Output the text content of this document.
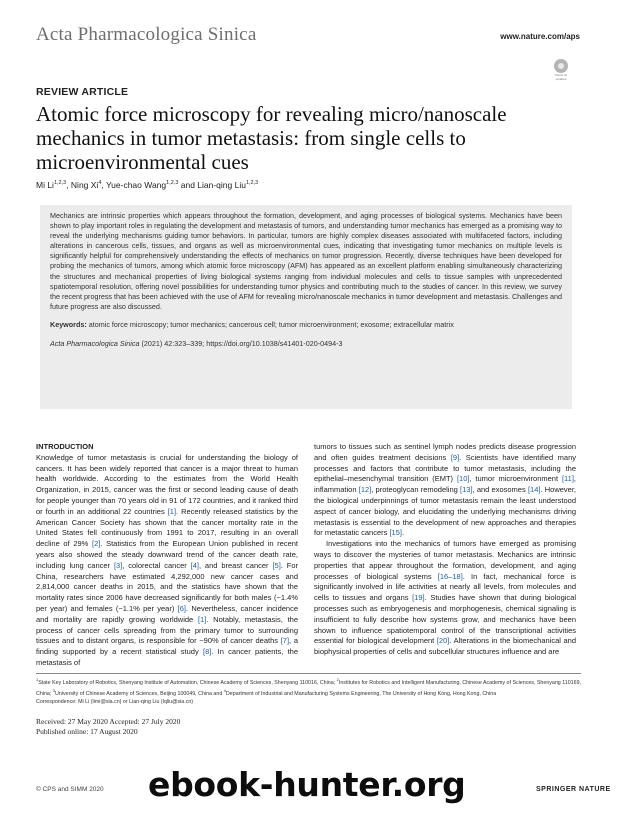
Acta Pharmacologica Sinica	www.nature.com/aps
Check for updates
REVIEW ARTICLE
Atomic force microscopy for revealing micro/nanoscale mechanics in tumor metastasis: from single cells to microenvironmental cues
Mi Li$^{1,2,3}$, Ning Xi$^4$, Yue-chao Wang$^{1,2,3}$ and Lian-qing Liu$^{1,2,3}$

Mechanics are intrinsic properties which appears throughout the formation, development, and aging processes of biological systems. Mechanics have been shown to play important roles in regulating the development and metastasis of tumors, and understanding tumor mechanics has emerged as a promising way to reveal the underlying mechanisms guiding tumor behaviors. In particular, tumors are highly complex diseases associated with multifaceted factors, including alterations in cancerous cells, tissues, and organs as well as microenvironmental cues, indicating that investigating tumor mechanics on multiple levels is significantly helpful for comprehensively understanding the effects of mechanics on tumor progression. Recently, diverse techniques have been developed for probing the mechanics of tumors, among which atomic force microscopy (AFM) has appeared as an excellent platform enabling simultaneously characterizing the structures and mechanical properties of living biological systems ranging from individual molecules and cells to tissue samples with unprecedented spatiotemporal resolution, offering novel possibilities for understanding tumor physics and contributing much to the studies of cancer. In this review, we survey the recent progress that has been achieved with the use of AFM for revealing micro/nanoscale mechanics in tumor development and metastasis. Challenges and future progress are also discussed.

Keywords: atomic force microscopy; tumor mechanics; cancerous cell; tumor microenvironment; exosome; extracellular matrix

Acta Pharmacologica Sinica (2021) 42:323–339; https://doi.org/10.1038/s41401-020-0494-3

INTRODUCTION

Knowledge of tumor metastasis is crucial for understanding the biology of cancers. It has been widely reported that cancer is a major threat to human health worldwide. According to the estimates from the World Health Organization, in 2015, cancer was the first or second leading cause of death for people younger than 70 years old in 91 of 172 countries, and it ranked third or fourth in an additional 22 countries [1]. Recently released statistics by the American Cancer Society has shown that the cancer mortality rate in the United States fell continuously from 1991 to 2017, resulting in an overall decline of 29% [2]. Statistics from the European Union published in recent years also showed the steady downward trend of the cancer death rate, including lung cancer [3], colorectal cancer [4], and breast cancer [5]. For China, researchers have estimated 4,292,000 new cancer cases and 2,814,000 cancer deaths in 2015, and the statistics have shown that the mortality rates since 2006 have decreased significantly for both males (−1.4% per year) and females (−1.1% per year) [6]. Nevertheless, cancer incidence and mortality are rapidly growing worldwide [1]. Notably, metastasis, the process of cancer cells spreading from the primary tumor to surrounding tissues and to distant organs, is responsible for ~90% of cancer deaths [7], a finding supported by a recent statistical study [8]. In cancer patients, the metastasis of

tumors to tissues such as sentinel lymph nodes predicts disease progression and often guides treatment decisions [9]. Scientists have identified many processes and factors that contribute to tumor metastasis, including the epithelial–mesenchymal transition (EMT) [10], tumor microenvironment [11], inflammation [12], proteoglycan remodeling [13], and exosomes [14]. However, the biological underpinnings of tumor metastasis remain the least understood aspect of cancer biology, and elucidating the underlying mechanisms driving metastasis is essential to the development of new approaches and therapies for metastatic cancers [15].

Investigations into the mechanics of tumors have emerged as promising ways to discover the mysteries of tumor metastasis. Mechanics are intrinsic properties that appear throughout the formation, development, and aging processes of biological systems [16–18]. In fact, mechanical force is significantly involved in life activities at nearly all levels, from molecules and cells to tissues and organs [19]. Studies have shown that during biological processes such as embryogenesis and morphogenesis, chemical signaling is insufficient to fully describe how systems grow, and mechanics have been shown to influence spatiotemporal control of the transcriptional activities essential for biological development [20]. Alterations in the biomechanical and biophysical properties of cells and subcellular structures influence and are

$^1$State Key Laboratory of Robotics, Shenyang Institute of Automation, Chinese Academy of Sciences, Shenyang 110016, China; $^2$Institutes for Robotics and Intelligent Manufacturing, Chinese Academy of Sciences, Shenyang 110169, China; $^3$University of Chinese Academy of Sciences, Beijing 100049, China and $^4$Department of Industrial and Manufacturing Systems Engineering, The University of Hong Kong, Hong Kong, China
Correspondence: Mi Li (limi@sia.cn) or Lian-qing Liu (lqliu@sia.cn)
Received: 27 May 2020 Accepted: 27 July 2020
Published online: 17 August 2020
© CPS and SIMM 2020 ebook-hunter.org	SPRINGER NATURE
